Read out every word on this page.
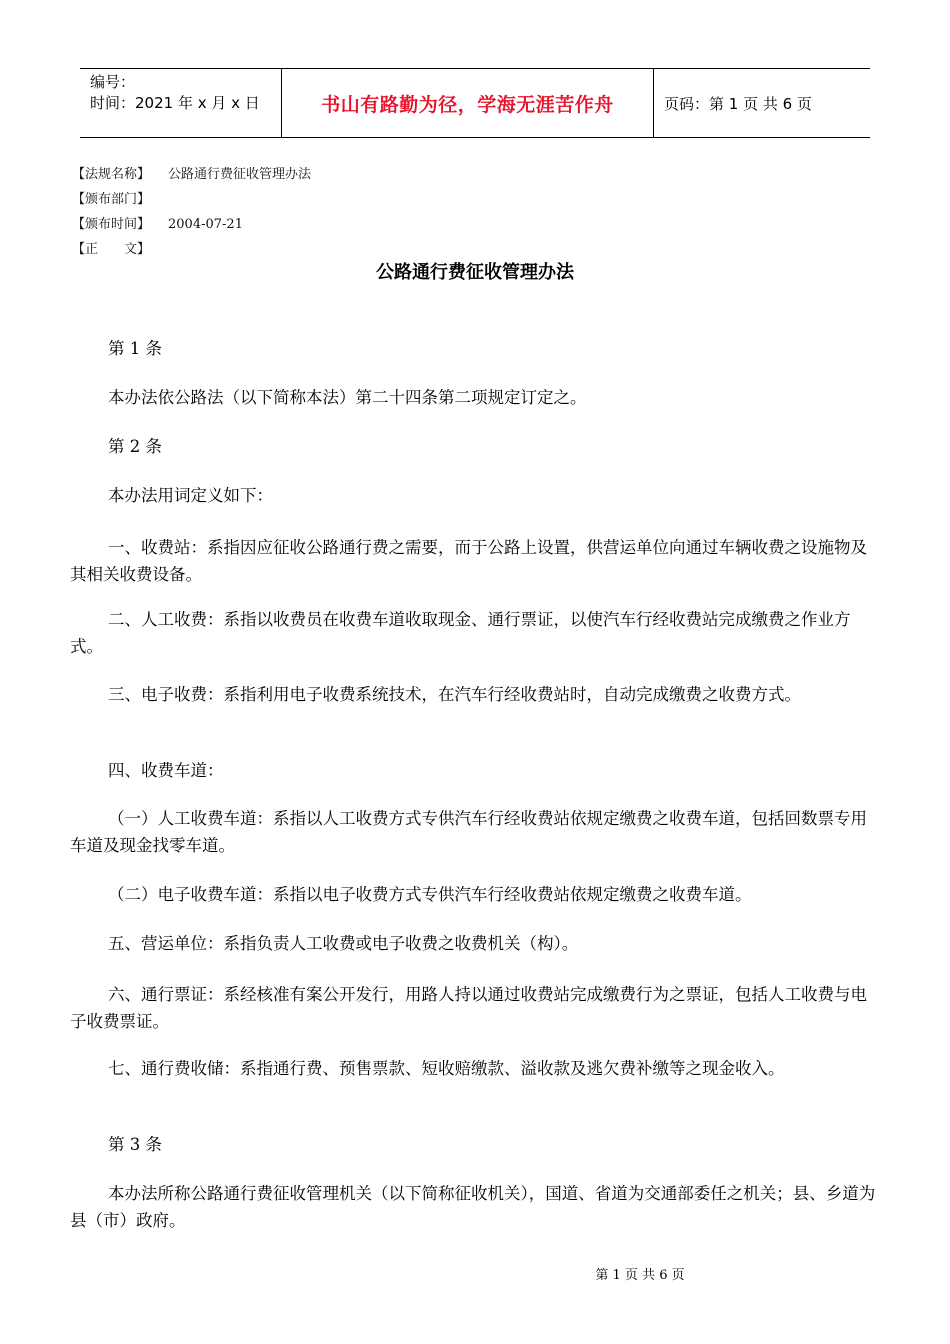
编号：
时间：2021 年 x 月 x 日	书山有路勤为径，学海无涯苦作舟	页码：第 1 页 共 6 页
【法规名称】 公路通行费征收管理办法
【颁布部门】
【颁布时间】 2004-07-21
【正　　文】
公路通行费征收管理办法

第 1 条

本办法依公路法（以下简称本法）第二十四条第二项规定订定之。

第 2 条

本办法用词定义如下：

一、收费站：系指因应征收公路通行费之需要，而于公路上设置，供营运单位向通过车辆收费之设施物及其相关收费设备。

二、人工收费：系指以收费员在收费车道收取现金、通行票证，以使汽车行经收费站完成缴费之作业方式。

三、电子收费：系指利用电子收费系统技术，在汽车行经收费站时，自动完成缴费之收费方式。

四、收费车道：

（一）人工收费车道：系指以人工收费方式专供汽车行经收费站依规定缴费之收费车道，包括回数票专用车道及现金找零车道。

（二）电子收费车道：系指以电子收费方式专供汽车行经收费站依规定缴费之收费车道。

五、营运单位：系指负责人工收费或电子收费之收费机关（构）。

六、通行票证：系经核准有案公开发行，用路人持以通过收费站完成缴费行为之票证，包括人工收费与电子收费票证。

七、通行费收储：系指通行费、预售票款、短收赔缴款、溢收款及逃欠费补缴等之现金收入。

第 3 条

本办法所称公路通行费征收管理机关（以下简称征收机关），国道、省道为交通部委任之机关；县、乡道为县（市）政府。

第 1 页 共 6 页
